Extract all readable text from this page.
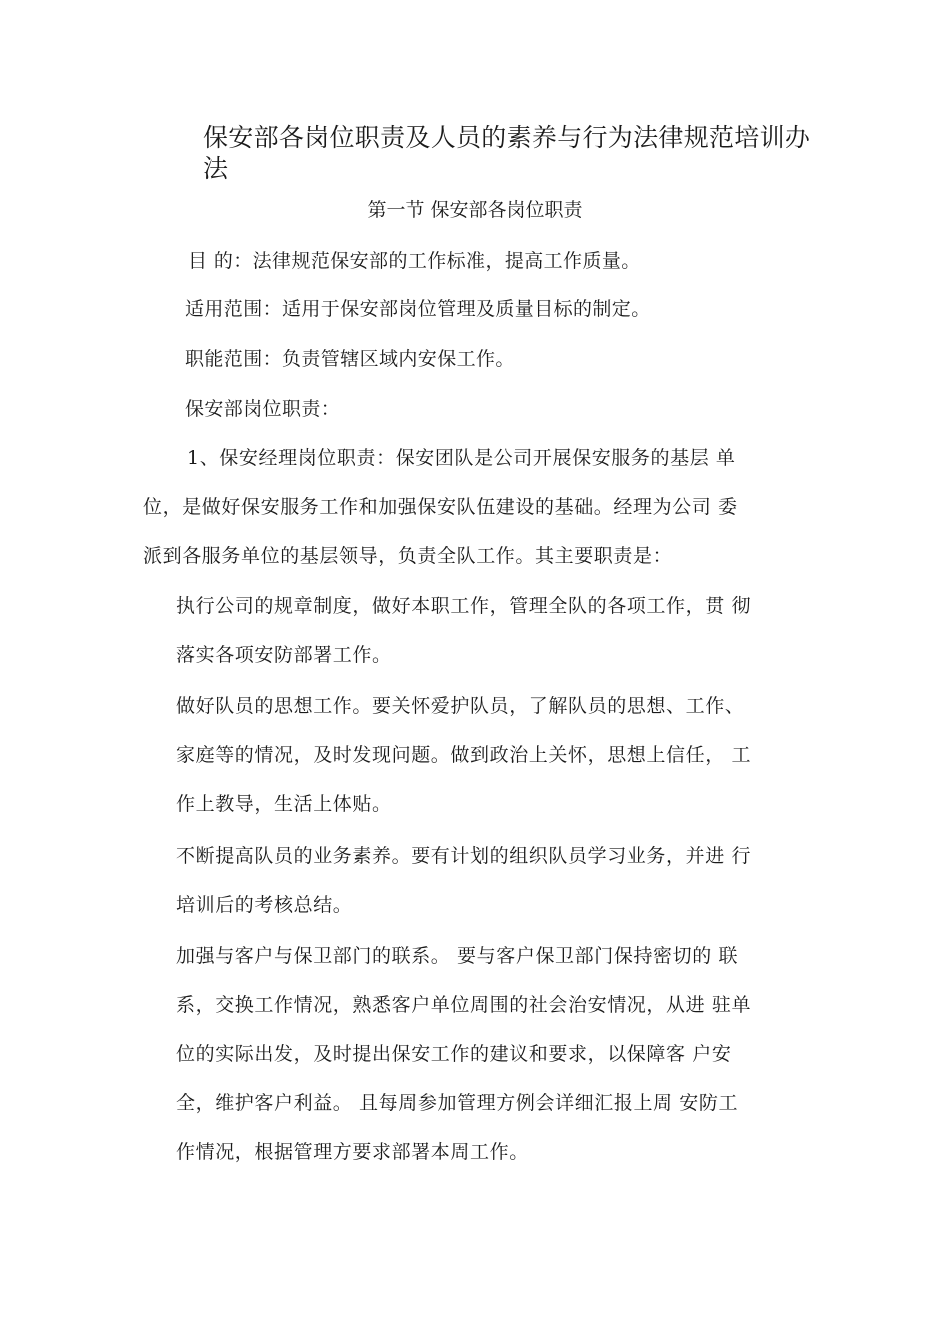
保安部各岗位职责及人员的素养与行为法律规范培训办法
第一节 保安部各岗位职责

目 的：法律规范保安部的工作标准，提高工作质量。

适用范围：适用于保安部岗位管理及质量目标的制定。

职能范围：负责管辖区域内安保工作。

保安部岗位职责：

1、保安经理岗位职责：保安团队是公司开展保安服务的基层 单
位，是做好保安服务工作和加强保安队伍建设的基础。经理为公司 委
派到各服务单位的基层领导，负责全队工作。其主要职责是：
执行公司的规章制度，做好本职工作，管理全队的各项工作，贯 彻
落实各项安防部署工作。
做好队员的思想工作。要关怀爱护队员，了解队员的思想、工作、
家庭等的情况，及时发现问题。做到政治上关怀，思想上信任， 工
作上教导，生活上体贴。
不断提高队员的业务素养。要有计划的组织队员学习业务，并进 行
培训后的考核总结。
加强与客户与保卫部门的联系。 要与客户保卫部门保持密切的 联
系，交换工作情况，熟悉客户单位周围的社会治安情况，从进 驻单
位的实际出发，及时提出保安工作的建议和要求，以保障客 户安
全，维护客户利益。 且每周参加管理方例会详细汇报上周 安防工
作情况，根据管理方要求部署本周工作。
